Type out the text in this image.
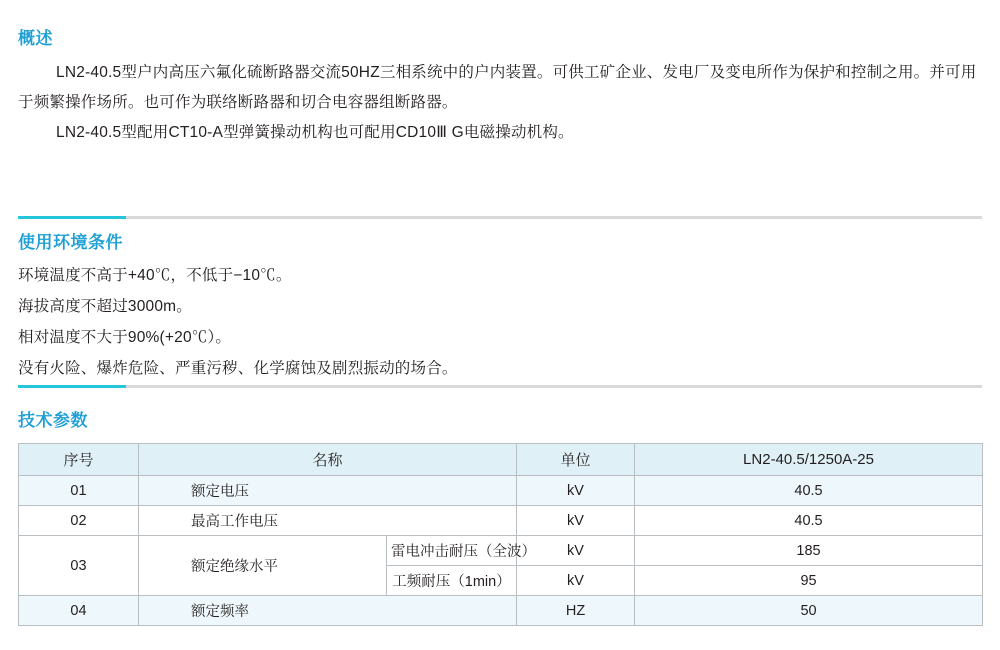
概述
LN2-40.5型户内高压六氟化硫断路器交流50HZ三相系统中的户内装置。可供工矿企业、发电厂及变电所作为保护和控制之用。并可用于频繁操作场所。也可作为联络断路器和切合电容器组断路器。
LN2-40.5型配用CT10-A型弹簧操动机构也可配用CD10Ⅲ G电磁操动机构。
使用环境条件
环境温度不高于+40℃，不低于−10℃。
海拔高度不超过3000m。
相对温度不大于90%(+20℃）。
没有火险、爆炸危险、严重污秽、化学腐蚀及剧烈振动的场合。
技术参数
序号	名称		单位	LN2-40.5/1250A-25
01	额定电压		kV	40.5
02	最高工作电压		kV	40.5
03	额定绝缘水平	雷电冲击耐压（全波）	kV	185
		工频耐压（1min）	kV	95
04	额定频率		HZ	50
